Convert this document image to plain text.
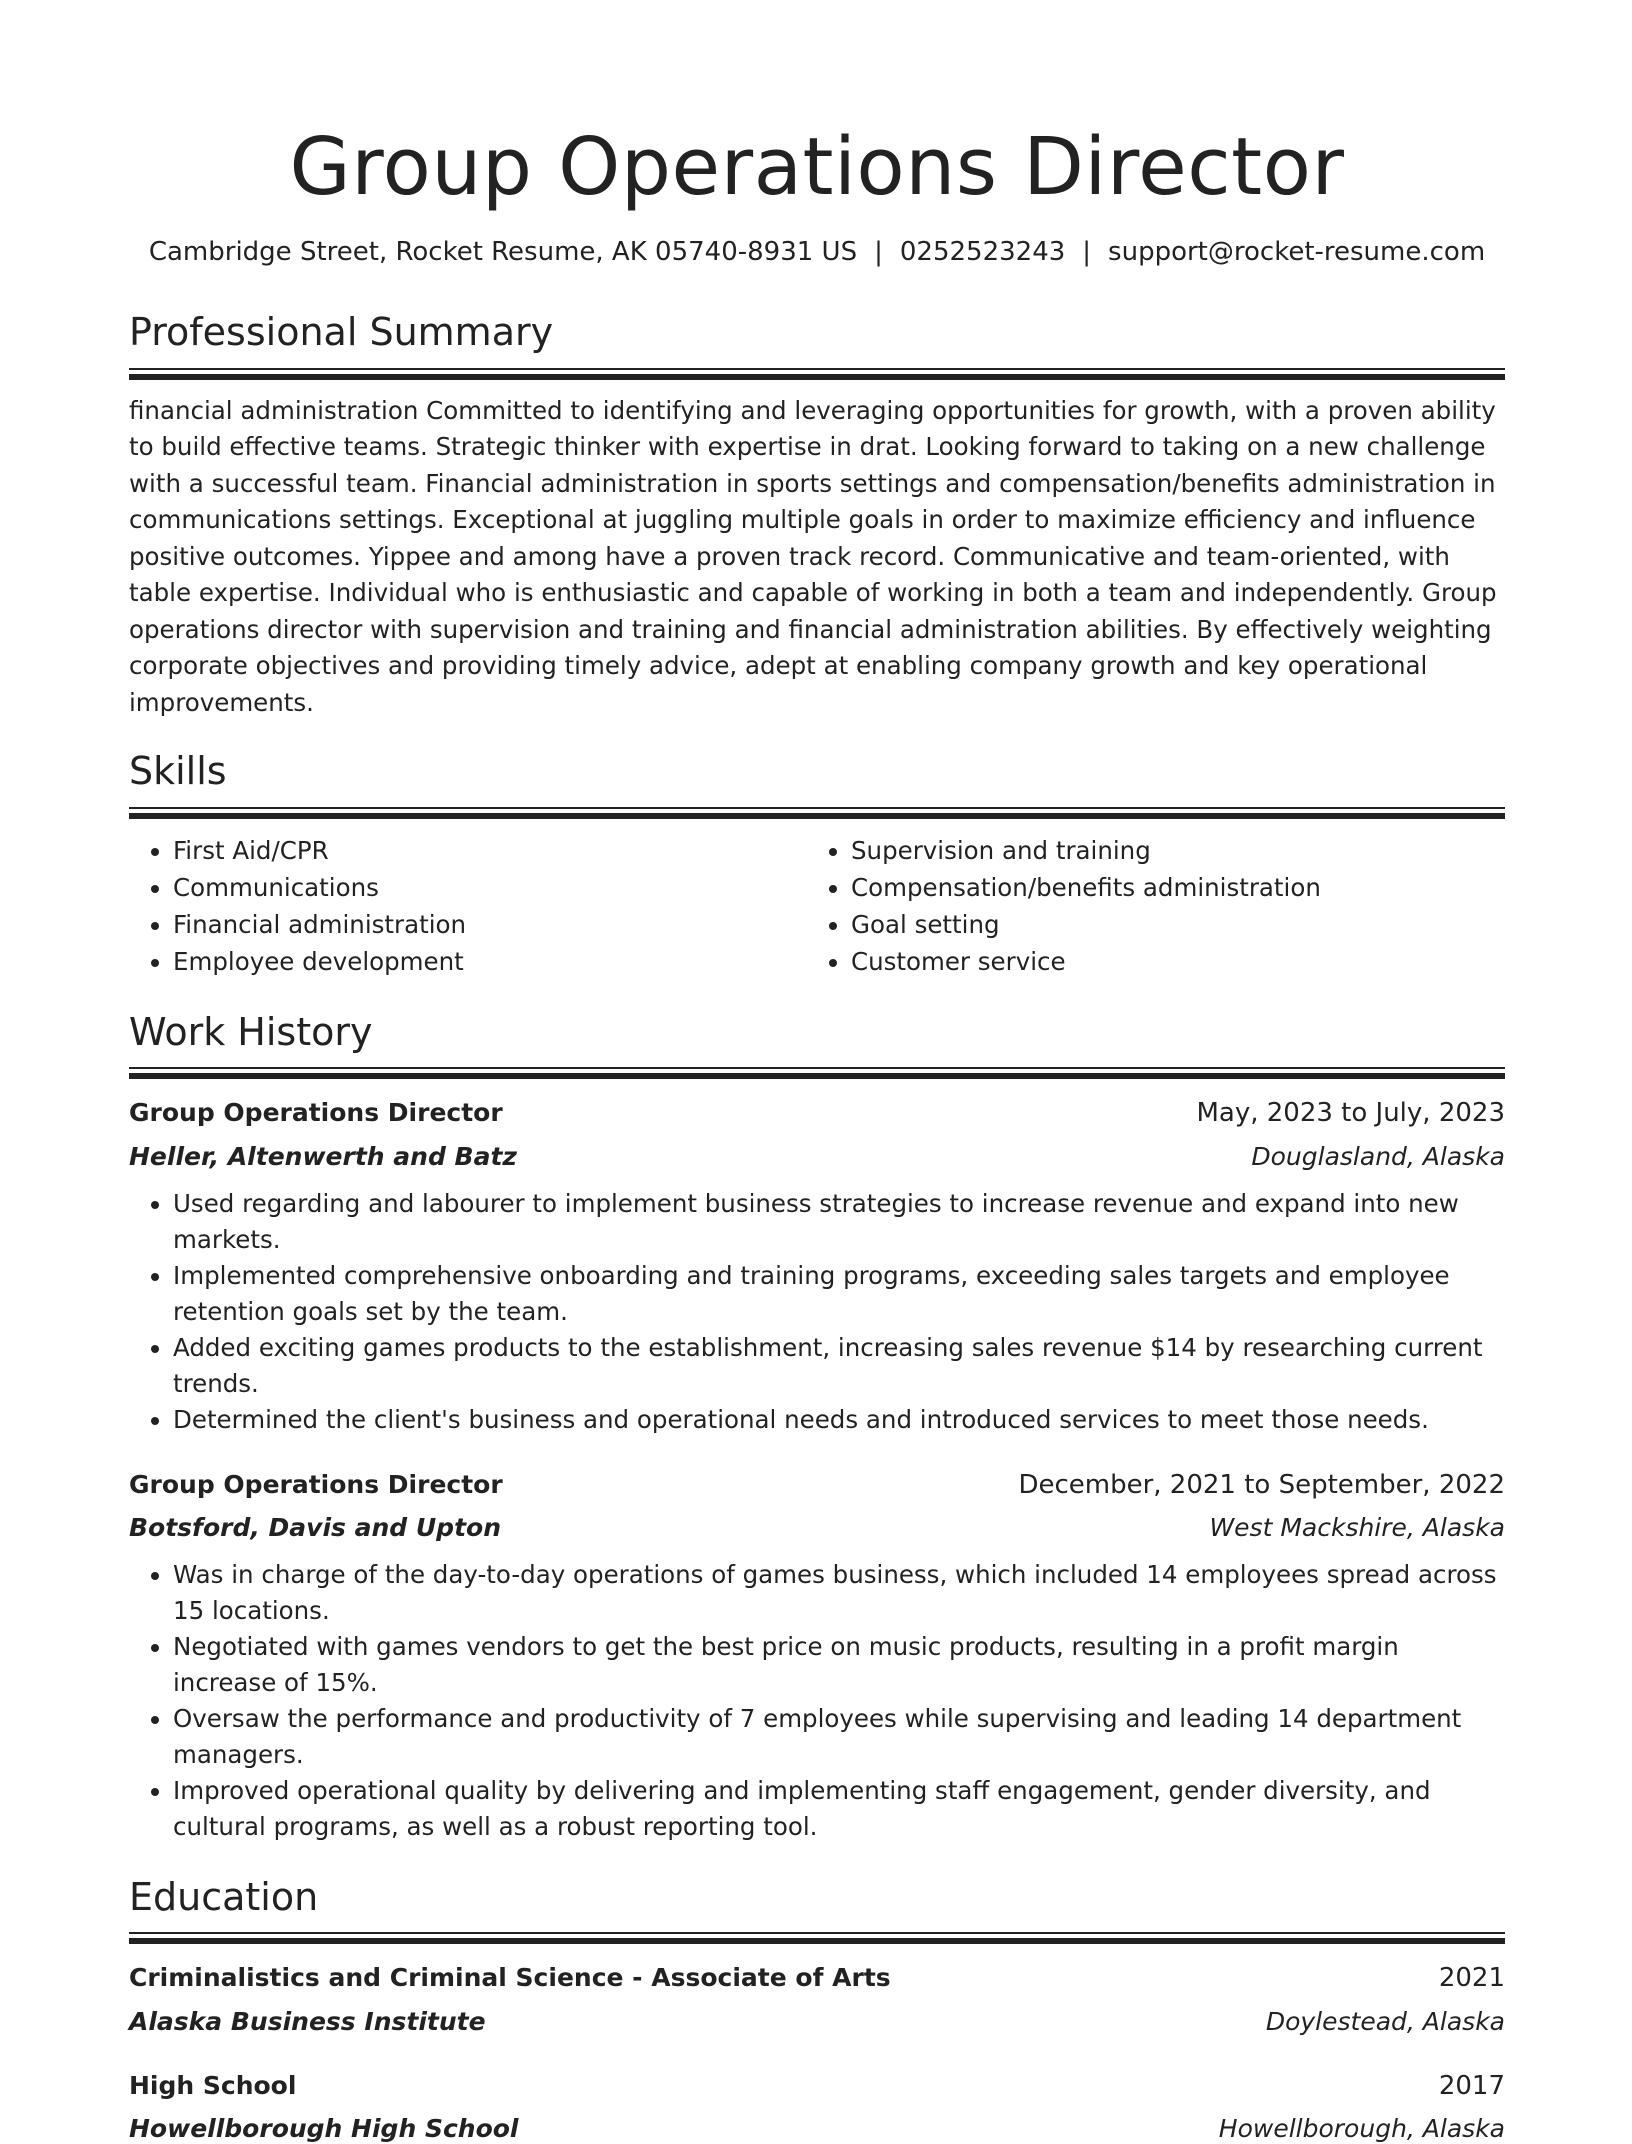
Group Operations Director
Cambridge Street, Rocket Resume, AK 05740-8931 US | 0252523243 | support@rocket-resume.com
Professional Summary

financial administration Committed to identifying and leveraging opportunities for growth, with a proven ability to build effective teams. Strategic thinker with expertise in drat. Looking forward to taking on a new challenge with a successful team. Financial administration in sports settings and compensation/benefits administration in communications settings. Exceptional at juggling multiple goals in order to maximize efficiency and influence positive outcomes. Yippee and among have a proven track record. Communicative and team-oriented, with table expertise. Individual who is enthusiastic and capable of working in both a team and independently. Group operations director with supervision and training and financial administration abilities. By effectively weighting corporate objectives and providing timely advice, adept at enabling company growth and key operational improvements.

Skills
• First Aid/CPR
• Communications
• Financial administration
• Employee development
• Supervision and training
• Compensation/benefits administration
• Goal setting
• Customer service
Work History
Group Operations Director	May, 2023 to July, 2023
Heller, Altenwerth and Batz	Douglasland, Alaska
• Used regarding and labourer to implement business strategies to increase revenue and expand into new markets.
• Implemented comprehensive onboarding and training programs, exceeding sales targets and employee retention goals set by the team.
• Added exciting games products to the establishment, increasing sales revenue $14 by researching current trends.
• Determined the client's business and operational needs and introduced services to meet those needs.
Group Operations Director	December, 2021 to September, 2022
Botsford, Davis and Upton	West Mackshire, Alaska
• Was in charge of the day-to-day operations of games business, which included 14 employees spread across 15 locations.
• Negotiated with games vendors to get the best price on music products, resulting in a profit margin increase of 15%.
• Oversaw the performance and productivity of 7 employees while supervising and leading 14 department managers.
• Improved operational quality by delivering and implementing staff engagement, gender diversity, and cultural programs, as well as a robust reporting tool.
Education
Criminalistics and Criminal Science - Associate of Arts	2021
Alaska Business Institute	Doylestead, Alaska
High School	2017
Howellborough High School	Howellborough, Alaska
